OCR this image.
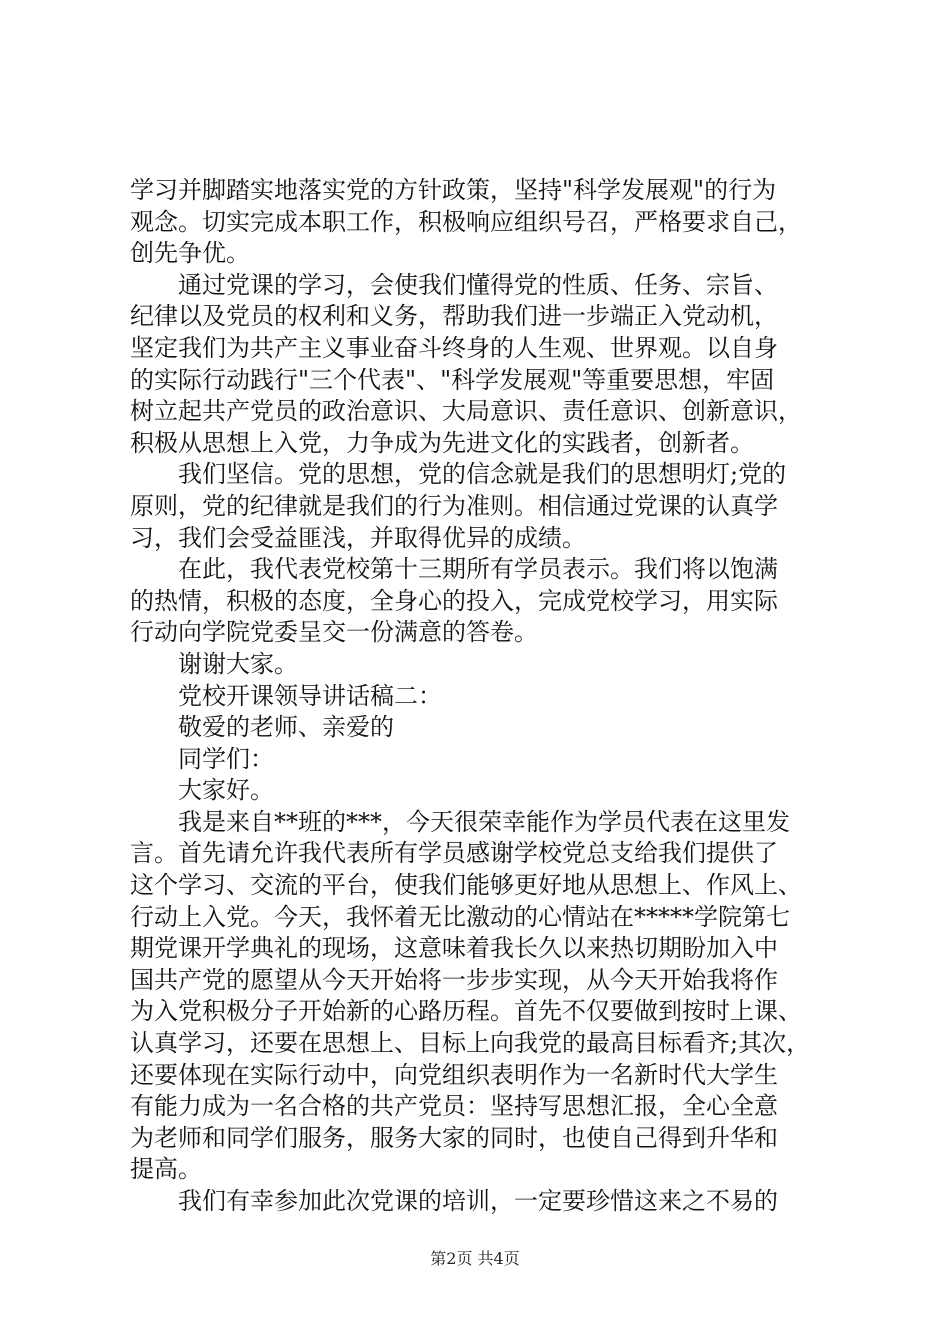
学习并脚踏实地落实党的方针政策，坚持"科学发展观"的行为
观念。切实完成本职工作，积极响应组织号召，严格要求自己，
创先争优。
通过党课的学习，会使我们懂得党的性质、任务、宗旨、
纪律以及党员的权利和义务，帮助我们进一步端正入党动机，
坚定我们为共产主义事业奋斗终身的人生观、世界观。以自身
的实际行动践行"三个代表"、"科学发展观"等重要思想，牢固
树立起共产党员的政治意识、大局意识、责任意识、创新意识，
积极从思想上入党，力争成为先进文化的实践者，创新者。
我们坚信。党的思想，党的信念就是我们的思想明灯;党的
原则，党的纪律就是我们的行为准则。相信通过党课的认真学
习，我们会受益匪浅，并取得优异的成绩。
在此，我代表党校第十三期所有学员表示。我们将以饱满
的热情，积极的态度，全身心的投入，完成党校学习，用实际
行动向学院党委呈交一份满意的答卷。
谢谢大家。
党校开课领导讲话稿二：
敬爱的老师、亲爱的
同学们：
大家好。
我是来自**班的***，今天很荣幸能作为学员代表在这里发
言。首先请允许我代表所有学员感谢学校党总支给我们提供了
这个学习、交流的平台，使我们能够更好地从思想上、作风上、
行动上入党。今天，我怀着无比激动的心情站在*****学院第七
期党课开学典礼的现场，这意味着我长久以来热切期盼加入中
国共产党的愿望从今天开始将一步步实现，从今天开始我将作
为入党积极分子开始新的心路历程。首先不仅要做到按时上课、
认真学习，还要在思想上、目标上向我党的最高目标看齐;其次，
还要体现在实际行动中，向党组织表明作为一名新时代大学生
有能力成为一名合格的共产党员：坚持写思想汇报，全心全意
为老师和同学们服务，服务大家的同时，也使自己得到升华和
提高。
我们有幸参加此次党课的培训，一定要珍惜这来之不易的
第2页 共4页
